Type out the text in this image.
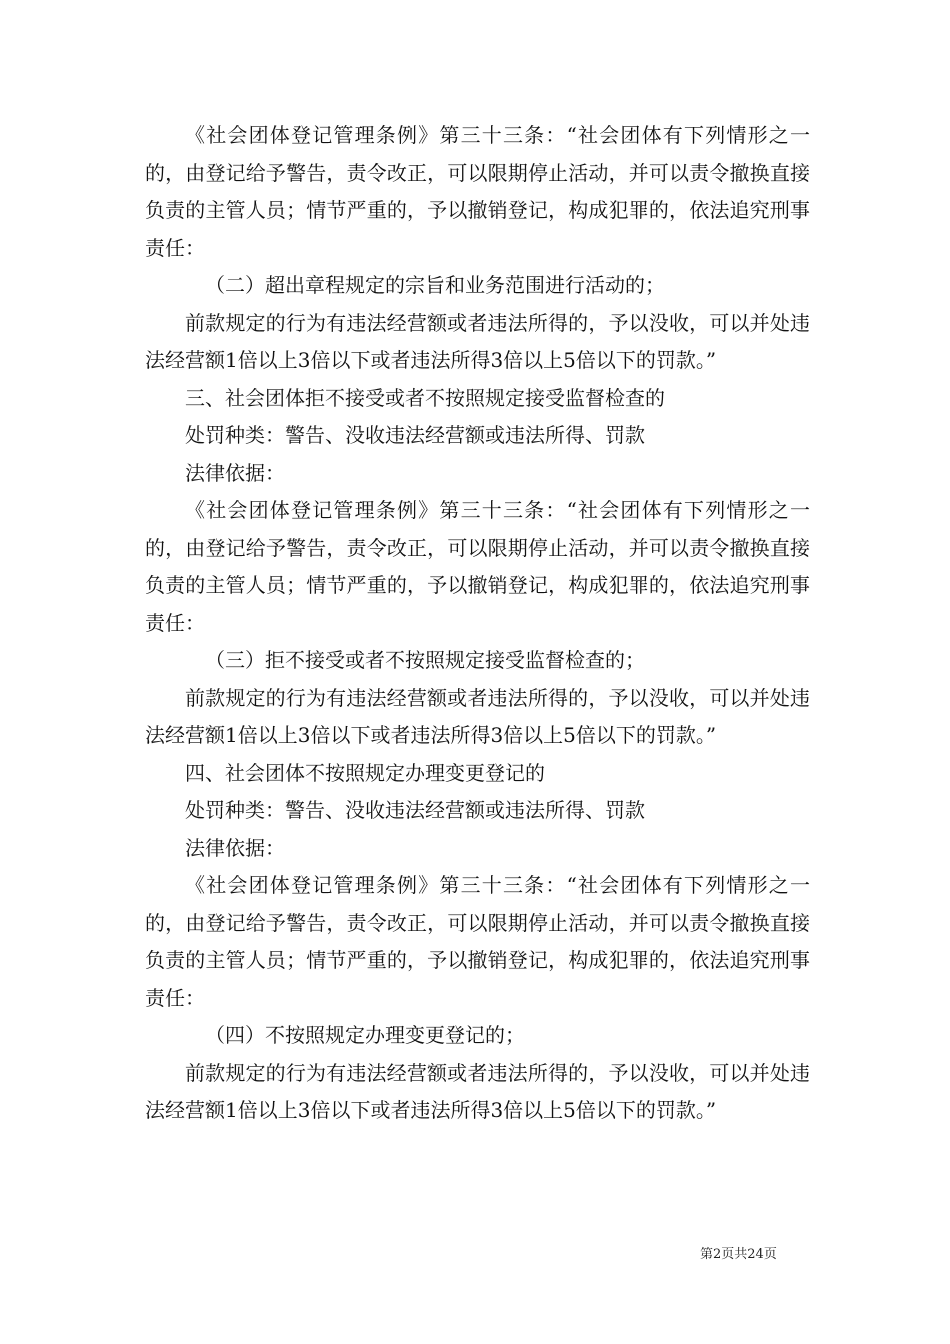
《社会团体登记管理条例》第三十三条：“社会团体有下列情形之一的，由登记给予警告，责令改正，可以限期停止活动，并可以责令撤换直接负责的主管人员；情节严重的，予以撤销登记，构成犯罪的，依法追究刑事责任：

（二）超出章程规定的宗旨和业务范围进行活动的；

前款规定的行为有违法经营额或者违法所得的，予以没收，可以并处违法经营额1倍以上3倍以下或者违法所得3倍以上5倍以下的罚款。”

三、社会团体拒不接受或者不按照规定接受监督检查的

处罚种类：警告、没收违法经营额或违法所得、罚款

法律依据：

《社会团体登记管理条例》第三十三条：“社会团体有下列情形之一的，由登记给予警告，责令改正，可以限期停止活动，并可以责令撤换直接负责的主管人员；情节严重的，予以撤销登记，构成犯罪的，依法追究刑事责任：

（三）拒不接受或者不按照规定接受监督检查的；

前款规定的行为有违法经营额或者违法所得的，予以没收，可以并处违法经营额1倍以上3倍以下或者违法所得3倍以上5倍以下的罚款。”

四、社会团体不按照规定办理变更登记的

处罚种类：警告、没收违法经营额或违法所得、罚款

法律依据：

《社会团体登记管理条例》第三十三条：“社会团体有下列情形之一的，由登记给予警告，责令改正，可以限期停止活动，并可以责令撤换直接负责的主管人员；情节严重的，予以撤销登记，构成犯罪的，依法追究刑事责任：

（四）不按照规定办理变更登记的；

前款规定的行为有违法经营额或者违法所得的，予以没收，可以并处违法经营额1倍以上3倍以下或者违法所得3倍以上5倍以下的罚款。”

第2页共24页
